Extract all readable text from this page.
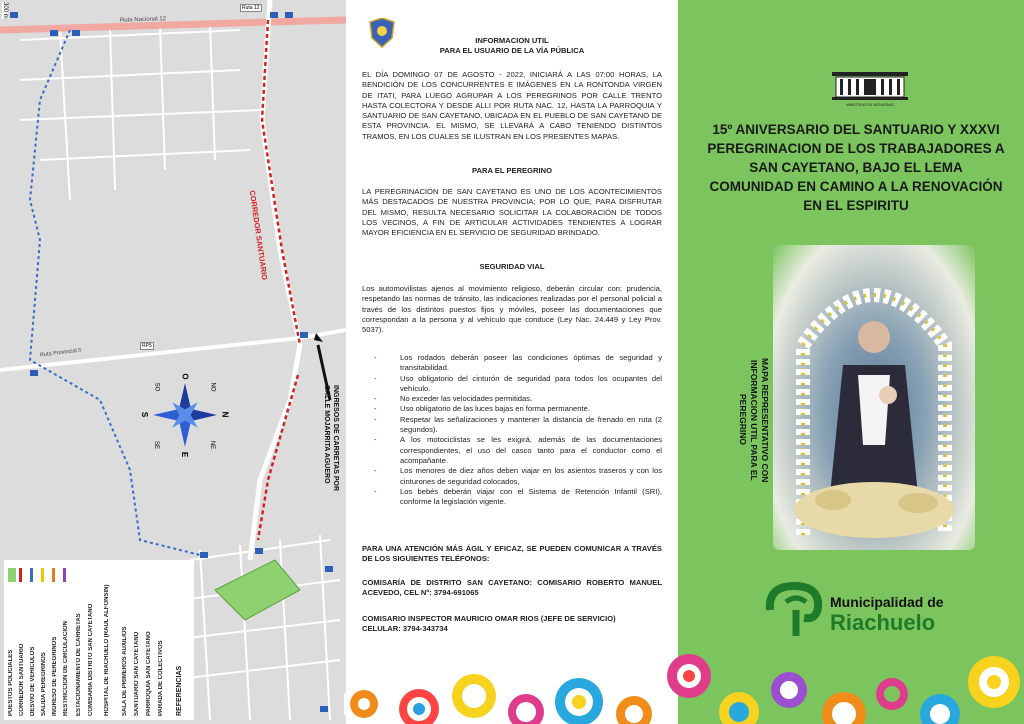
Ruta Nacional 12
Ruta 12
300 m
CORREDOR SANTUARIO
Ruta Provincial 5
RP5
INGRESOS DE CARRETAS POR CALLE MOJARRITA AGUERO
N
S
E
O
NE
NO
SE
SO
REFERENCIAS
PUESTOS POLICIALES CORREDOR SANTUARIO DESVIO DE VEHICULOS SALIDA PEREGRINOS INGRESO DE PEREGRINOS RESTRICCION DE CIRCULACION	PARADA DE COLECTIVOS
PARROQUIA SAN CAYETANO
SANTUARIO SAN CAYETANO
SALA DE PRIMEROS AUXILIOS
HOSPITAL DE RIACHUELO (RAUL ALFONSIN)
COMISARIA DISTRITO SAN CAYETANO
ESTACIONAMIENTO DE CARRETAS
INFORMACION UTIL
PARA EL USUARIO DE LA VÍA PÚBLICA

EL DÍA DOMINGO 07 DE AGOSTO - 2022, INICIARÁ A LAS 07:00 HORAS, LA BENDICIÓN DE LOS CONCURRENTES E IMÁGENES EN LA RONTONDA VIRGEN DE ITATI, PARA LUEGO AGRUPAR A LOS PEREGRINOS POR CALLE TRENTO HASTA COLECTORA Y DESDE ALLI POR RUTA NAC. 12, HASTA LA PARROQUIA Y SANTUARIO DE SAN CAYETANO, UBICADA EN EL PUEBLO DE SAN CAYETANO DE ESTA PROVINCIA. EL MISMO, SE LLEVARÁ A CABO TENIENDO DISTINTOS TRAMOS, EN LOS CUALES SE ILUSTRAN EN LOS PRESENTES MAPAS.

PARA EL PEREGRINO

LA PEREGRINACIÓN DE SAN CAYETANO ES UNO DE LOS ACONTECIMIENTOS MÁS DESTACADOS DE NUESTRA PROVINCIA; POR LO QUE, PARA DISFRUTAR DEL MISMO, RESULTA NECESARIO SOLICITAR LA COLABORACIÓN DE TODOS LOS VECINOS, A FIN DE ARTICULAR ACTIVIDADES TENDIENTES A LOGRAR MAYOR EFICIENCIA EN EL SERVICIO DE SEGURIDAD BRINDADO.

SEGURIDAD VIAL

Los automovilistas ajenos al movimiento religioso, deberán circular con: prudencia, respetando las normas de tránsito, las indicaciones realizadas por el personal policial a través de los distintos puestos fijos y móviles, poseer las documentaciones que correspondan a la persona y al vehículo que conduce (Ley Nac. 24.449 y Ley Prov. 5037).

- Los rodados deberán poseer las condiciones óptimas de seguridad y transitabilidad.
- Uso obligatorio del cinturón de seguridad para todos los ocupantes del vehículo.
- No exceder las velocidades permitidas.
- Uso obligatorio de las luces bajas en forma permanente.
- Respetar las señalizaciones y mantener la distancia de frenado en ruta (2 segundos).
- A los motociclistas se les exigirá, además de las documentaciones correspondientes, el uso del casco tanto para el conductor como el acompañante.
- Los menores de diez años deben viajar en los asientos traseros y con los cinturones de seguridad colocados,
- Los bebés deberán viajar con el Sistema de Retención Infantil (SRI), conforme la legislación vigente.

PARA UNA ATENCIÓN MÁS ÁGIL Y EFICAZ, SE PUEDEN COMUNICAR A TRAVÉS DE LOS SIGUIENTES TELÉFONOS:

COMISARÍA DE DISTRITO SAN CAYETANO: COMISARIO ROBERTO MANUEL ACEVEDO, CEL Nº: 3794-691065

COMISARIO INSPECTOR MAURICIO OMAR RIOS (JEFE DE SERVICIO)

CELULAR: 3794-343734

MINISTERIO DE SEGURIDAD
15º ANIVERSARIO DEL SANTUARIO Y XXXVI PEREGRINACION DE LOS TRABAJADORES A SAN CAYETANO, BAJO EL LEMA COMUNIDAD EN CAMINO A LA RENOVACIÓN EN EL ESPIRITU
MAPA REPRESENTATIVO CON INFORMACION UTIL PARA EL PEREGRINO
Municipalidad de
Riachuelo
